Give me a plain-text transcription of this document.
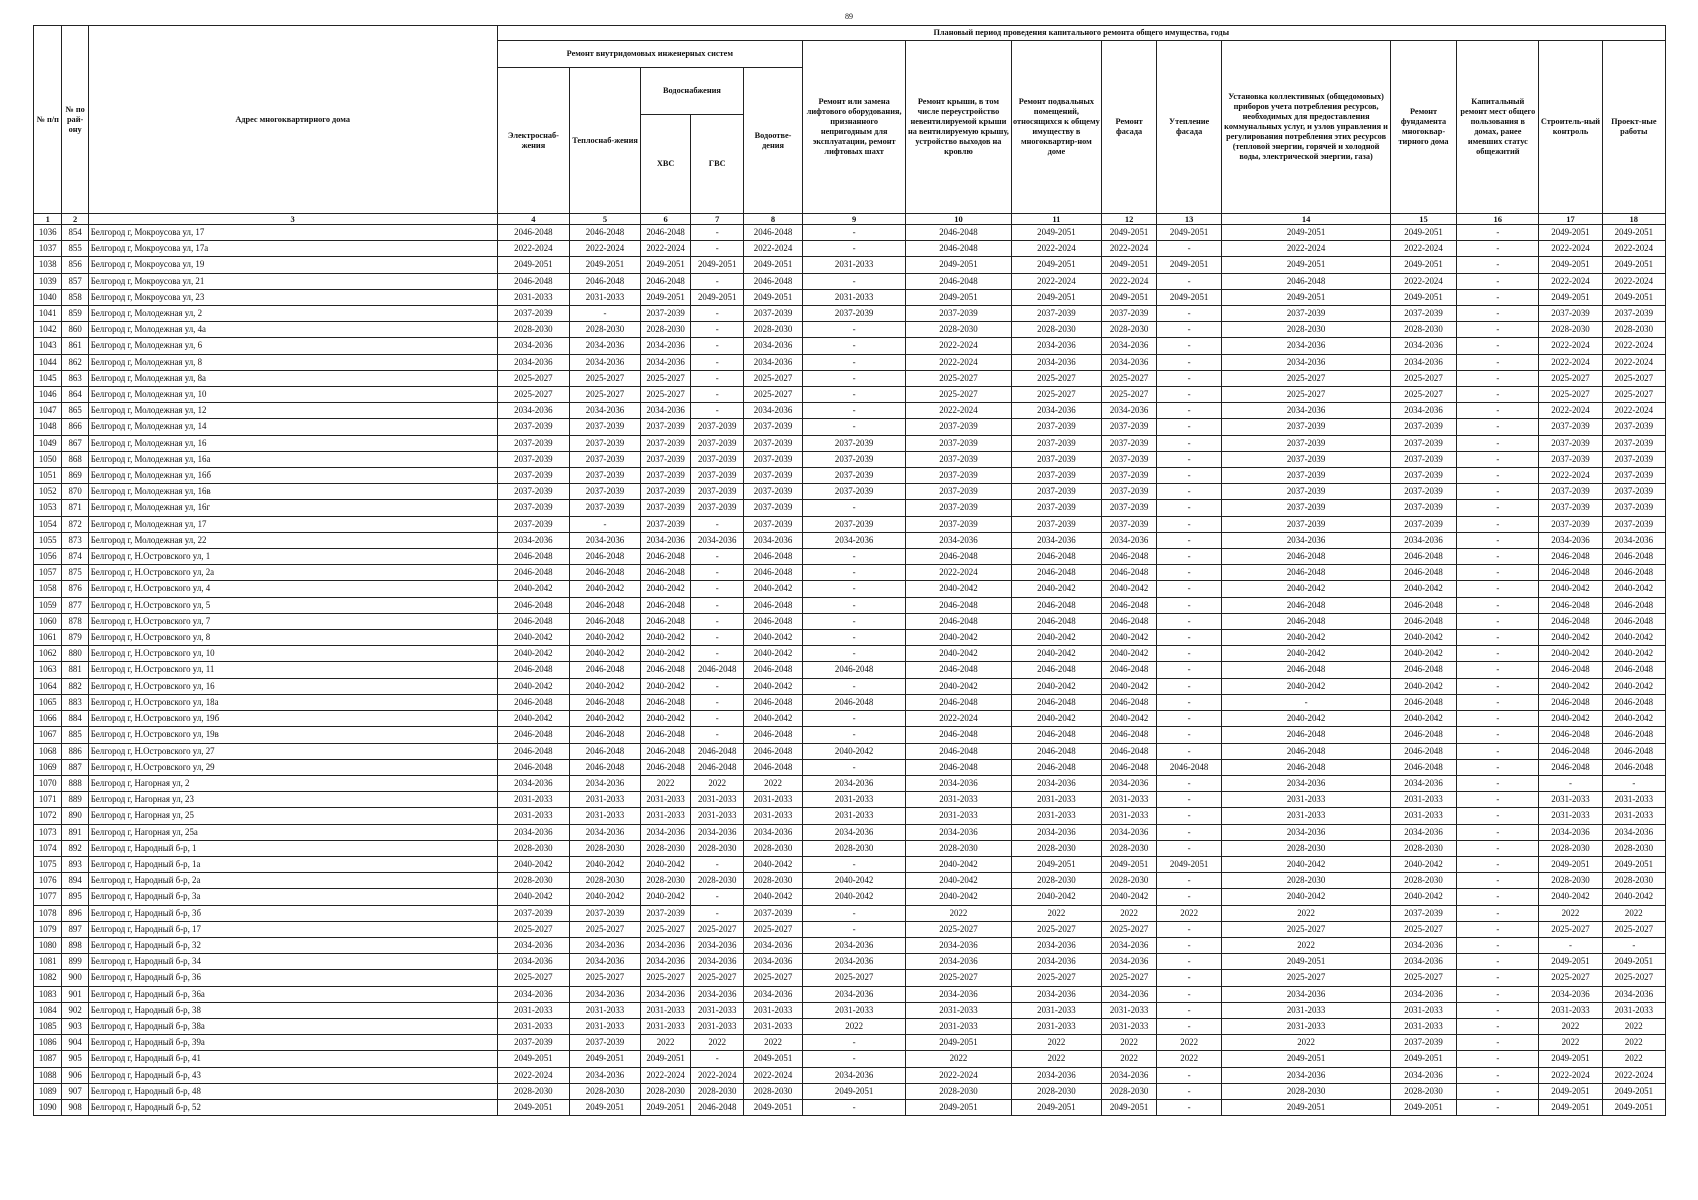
89
№ п/п	№ по рай-ону	Адрес многоквартирного дома	Плановый период проведения капитального ремонта общего имущества, годы														
			Ремонт внутридомовых инженерных систем					Ремонт или замена лифтового оборудования, признанного непригодным для эксплуатации, ремонт лифтовых шахт	Ремонт крыши, в том числе переустройство невентилируемой крыши на вентилируемую крышу, устройство выходов на кровлю	Ремонт подвальных помещений, относящихся к общему имуществу в многоквартир-ном доме	Ремонт фасада	Утепление фасада	Установка коллективных (общедомовых) приборов учета потребления ресурсов, необходимых для предоставления коммунальных услуг, и узлов управления и регулирования потребления этих ресурсов (тепловой энергии, горячей и холодной воды, электрической энергии, газа)	Ремонт фундамента многоквар-тирного дома	Капитальный ремонт мест общего пользования в домах, ранее имевших статус общежитий	Строитель-ный контроль	Проект-ные работы
			Электроснаб-жения	Теплоснаб-жения	Водоснабжения		Водоотве-дения										
					ХВС	ГВС											
1	2	3	4	5	6	7	8	9	10	11	12	13	14	15	16	17	18
1036	854	Белгород г, Мокроусова ул, 17	2046-2048	2046-2048	2046-2048	-	2046-2048	-	2046-2048	2049-2051	2049-2051	2049-2051	2049-2051	2049-2051	-	2049-2051	2049-2051
1037	855	Белгород г, Мокроусова ул, 17а	2022-2024	2022-2024	2022-2024	-	2022-2024	-	2046-2048	2022-2024	2022-2024	-	2022-2024	2022-2024	-	2022-2024	2022-2024
1038	856	Белгород г, Мокроусова ул, 19	2049-2051	2049-2051	2049-2051	2049-2051	2049-2051	2031-2033	2049-2051	2049-2051	2049-2051	2049-2051	2049-2051	2049-2051	-	2049-2051	2049-2051
1039	857	Белгород г, Мокроусова ул, 21	2046-2048	2046-2048	2046-2048	-	2046-2048	-	2046-2048	2022-2024	2022-2024	-	2046-2048	2022-2024	-	2022-2024	2022-2024
1040	858	Белгород г, Мокроусова ул, 23	2031-2033	2031-2033	2049-2051	2049-2051	2049-2051	2031-2033	2049-2051	2049-2051	2049-2051	2049-2051	2049-2051	2049-2051	-	2049-2051	2049-2051
1041	859	Белгород г, Молодежная ул, 2	2037-2039	-	2037-2039	-	2037-2039	2037-2039	2037-2039	2037-2039	2037-2039	-	2037-2039	2037-2039	-	2037-2039	2037-2039
1042	860	Белгород г, Молодежная ул, 4а	2028-2030	2028-2030	2028-2030	-	2028-2030	-	2028-2030	2028-2030	2028-2030	-	2028-2030	2028-2030	-	2028-2030	2028-2030
1043	861	Белгород г, Молодежная ул, 6	2034-2036	2034-2036	2034-2036	-	2034-2036	-	2022-2024	2034-2036	2034-2036	-	2034-2036	2034-2036	-	2022-2024	2022-2024
1044	862	Белгород г, Молодежная ул, 8	2034-2036	2034-2036	2034-2036	-	2034-2036	-	2022-2024	2034-2036	2034-2036	-	2034-2036	2034-2036	-	2022-2024	2022-2024
1045	863	Белгород г, Молодежная ул, 8а	2025-2027	2025-2027	2025-2027	-	2025-2027	-	2025-2027	2025-2027	2025-2027	-	2025-2027	2025-2027	-	2025-2027	2025-2027
1046	864	Белгород г, Молодежная ул, 10	2025-2027	2025-2027	2025-2027	-	2025-2027	-	2025-2027	2025-2027	2025-2027	-	2025-2027	2025-2027	-	2025-2027	2025-2027
1047	865	Белгород г, Молодежная ул, 12	2034-2036	2034-2036	2034-2036	-	2034-2036	-	2022-2024	2034-2036	2034-2036	-	2034-2036	2034-2036	-	2022-2024	2022-2024
1048	866	Белгород г, Молодежная ул, 14	2037-2039	2037-2039	2037-2039	2037-2039	2037-2039	-	2037-2039	2037-2039	2037-2039	-	2037-2039	2037-2039	-	2037-2039	2037-2039
1049	867	Белгород г, Молодежная ул, 16	2037-2039	2037-2039	2037-2039	2037-2039	2037-2039	2037-2039	2037-2039	2037-2039	2037-2039	-	2037-2039	2037-2039	-	2037-2039	2037-2039
1050	868	Белгород г, Молодежная ул, 16а	2037-2039	2037-2039	2037-2039	2037-2039	2037-2039	2037-2039	2037-2039	2037-2039	2037-2039	-	2037-2039	2037-2039	-	2037-2039	2037-2039
1051	869	Белгород г, Молодежная ул, 16б	2037-2039	2037-2039	2037-2039	2037-2039	2037-2039	2037-2039	2037-2039	2037-2039	2037-2039	-	2037-2039	2037-2039	-	2022-2024	2037-2039
1052	870	Белгород г, Молодежная ул, 16в	2037-2039	2037-2039	2037-2039	2037-2039	2037-2039	2037-2039	2037-2039	2037-2039	2037-2039	-	2037-2039	2037-2039	-	2037-2039	2037-2039
1053	871	Белгород г, Молодежная ул, 16г	2037-2039	2037-2039	2037-2039	2037-2039	2037-2039	-	2037-2039	2037-2039	2037-2039	-	2037-2039	2037-2039	-	2037-2039	2037-2039
1054	872	Белгород г, Молодежная ул, 17	2037-2039	-	2037-2039	-	2037-2039	2037-2039	2037-2039	2037-2039	2037-2039	-	2037-2039	2037-2039	-	2037-2039	2037-2039
1055	873	Белгород г, Молодежная ул, 22	2034-2036	2034-2036	2034-2036	2034-2036	2034-2036	2034-2036	2034-2036	2034-2036	2034-2036	-	2034-2036	2034-2036	-	2034-2036	2034-2036
1056	874	Белгород г, Н.Островского ул, 1	2046-2048	2046-2048	2046-2048	-	2046-2048	-	2046-2048	2046-2048	2046-2048	-	2046-2048	2046-2048	-	2046-2048	2046-2048
1057	875	Белгород г, Н.Островского ул, 2а	2046-2048	2046-2048	2046-2048	-	2046-2048	-	2022-2024	2046-2048	2046-2048	-	2046-2048	2046-2048	-	2046-2048	2046-2048
1058	876	Белгород г, Н.Островского ул, 4	2040-2042	2040-2042	2040-2042	-	2040-2042	-	2040-2042	2040-2042	2040-2042	-	2040-2042	2040-2042	-	2040-2042	2040-2042
1059	877	Белгород г, Н.Островского ул, 5	2046-2048	2046-2048	2046-2048	-	2046-2048	-	2046-2048	2046-2048	2046-2048	-	2046-2048	2046-2048	-	2046-2048	2046-2048
1060	878	Белгород г, Н.Островского ул, 7	2046-2048	2046-2048	2046-2048	-	2046-2048	-	2046-2048	2046-2048	2046-2048	-	2046-2048	2046-2048	-	2046-2048	2046-2048
1061	879	Белгород г, Н.Островского ул, 8	2040-2042	2040-2042	2040-2042	-	2040-2042	-	2040-2042	2040-2042	2040-2042	-	2040-2042	2040-2042	-	2040-2042	2040-2042
1062	880	Белгород г, Н.Островского ул, 10	2040-2042	2040-2042	2040-2042	-	2040-2042	-	2040-2042	2040-2042	2040-2042	-	2040-2042	2040-2042	-	2040-2042	2040-2042
1063	881	Белгород г, Н.Островского ул, 11	2046-2048	2046-2048	2046-2048	2046-2048	2046-2048	2046-2048	2046-2048	2046-2048	2046-2048	-	2046-2048	2046-2048	-	2046-2048	2046-2048
1064	882	Белгород г, Н.Островского ул, 16	2040-2042	2040-2042	2040-2042	-	2040-2042	-	2040-2042	2040-2042	2040-2042	-	2040-2042	2040-2042	-	2040-2042	2040-2042
1065	883	Белгород г, Н.Островского ул, 18а	2046-2048	2046-2048	2046-2048	-	2046-2048	2046-2048	2046-2048	2046-2048	2046-2048	-	-	2046-2048	-	2046-2048	2046-2048
1066	884	Белгород г, Н.Островского ул, 19б	2040-2042	2040-2042	2040-2042	-	2040-2042	-	2022-2024	2040-2042	2040-2042	-	2040-2042	2040-2042	-	2040-2042	2040-2042
1067	885	Белгород г, Н.Островского ул, 19в	2046-2048	2046-2048	2046-2048	-	2046-2048	-	2046-2048	2046-2048	2046-2048	-	2046-2048	2046-2048	-	2046-2048	2046-2048
1068	886	Белгород г, Н.Островского ул, 27	2046-2048	2046-2048	2046-2048	2046-2048	2046-2048	2040-2042	2046-2048	2046-2048	2046-2048	-	2046-2048	2046-2048	-	2046-2048	2046-2048
1069	887	Белгород г, Н.Островского ул, 29	2046-2048	2046-2048	2046-2048	2046-2048	2046-2048	-	2046-2048	2046-2048	2046-2048	2046-2048	2046-2048	2046-2048	-	2046-2048	2046-2048
1070	888	Белгород г, Нагорная ул, 2	2034-2036	2034-2036	2022	2022	2022	2034-2036	2034-2036	2034-2036	2034-2036	-	2034-2036	2034-2036	-	-	-
1071	889	Белгород г, Нагорная ул, 23	2031-2033	2031-2033	2031-2033	2031-2033	2031-2033	2031-2033	2031-2033	2031-2033	2031-2033	-	2031-2033	2031-2033	-	2031-2033	2031-2033
1072	890	Белгород г, Нагорная ул, 25	2031-2033	2031-2033	2031-2033	2031-2033	2031-2033	2031-2033	2031-2033	2031-2033	2031-2033	-	2031-2033	2031-2033	-	2031-2033	2031-2033
1073	891	Белгород г, Нагорная ул, 25а	2034-2036	2034-2036	2034-2036	2034-2036	2034-2036	2034-2036	2034-2036	2034-2036	2034-2036	-	2034-2036	2034-2036	-	2034-2036	2034-2036
1074	892	Белгород г, Народный б-р, 1	2028-2030	2028-2030	2028-2030	2028-2030	2028-2030	2028-2030	2028-2030	2028-2030	2028-2030	-	2028-2030	2028-2030	-	2028-2030	2028-2030
1075	893	Белгород г, Народный б-р, 1а	2040-2042	2040-2042	2040-2042	-	2040-2042	-	2040-2042	2049-2051	2049-2051	2049-2051	2040-2042	2040-2042	-	2049-2051	2049-2051
1076	894	Белгород г, Народный б-р, 2а	2028-2030	2028-2030	2028-2030	2028-2030	2028-2030	2040-2042	2040-2042	2028-2030	2028-2030	-	2028-2030	2028-2030	-	2028-2030	2028-2030
1077	895	Белгород г, Народный б-р, 3а	2040-2042	2040-2042	2040-2042	-	2040-2042	2040-2042	2040-2042	2040-2042	2040-2042	-	2040-2042	2040-2042	-	2040-2042	2040-2042
1078	896	Белгород г, Народный б-р, 3б	2037-2039	2037-2039	2037-2039	-	2037-2039	-	2022	2022	2022	2022	2022	2037-2039	-	2022	2022
1079	897	Белгород г, Народный б-р, 17	2025-2027	2025-2027	2025-2027	2025-2027	2025-2027	-	2025-2027	2025-2027	2025-2027	-	2025-2027	2025-2027	-	2025-2027	2025-2027
1080	898	Белгород г, Народный б-р, 32	2034-2036	2034-2036	2034-2036	2034-2036	2034-2036	2034-2036	2034-2036	2034-2036	2034-2036	-	2022	2034-2036	-	-	-
1081	899	Белгород г, Народный б-р, 34	2034-2036	2034-2036	2034-2036	2034-2036	2034-2036	2034-2036	2034-2036	2034-2036	2034-2036	-	2049-2051	2034-2036	-	2049-2051	2049-2051
1082	900	Белгород г, Народный б-р, 36	2025-2027	2025-2027	2025-2027	2025-2027	2025-2027	2025-2027	2025-2027	2025-2027	2025-2027	-	2025-2027	2025-2027	-	2025-2027	2025-2027
1083	901	Белгород г, Народный б-р, 36а	2034-2036	2034-2036	2034-2036	2034-2036	2034-2036	2034-2036	2034-2036	2034-2036	2034-2036	-	2034-2036	2034-2036	-	2034-2036	2034-2036
1084	902	Белгород г, Народный б-р, 38	2031-2033	2031-2033	2031-2033	2031-2033	2031-2033	2031-2033	2031-2033	2031-2033	2031-2033	-	2031-2033	2031-2033	-	2031-2033	2031-2033
1085	903	Белгород г, Народный б-р, 38а	2031-2033	2031-2033	2031-2033	2031-2033	2031-2033	2022	2031-2033	2031-2033	2031-2033	-	2031-2033	2031-2033	-	2022	2022
1086	904	Белгород г, Народный б-р, 39а	2037-2039	2037-2039	2022	2022	2022	-	2049-2051	2022	2022	2022	2022	2037-2039	-	2022	2022
1087	905	Белгород г, Народный б-р, 41	2049-2051	2049-2051	2049-2051	-	2049-2051	-	2022	2022	2022	2022	2049-2051	2049-2051	-	2049-2051	2022
1088	906	Белгород г, Народный б-р, 43	2022-2024	2034-2036	2022-2024	2022-2024	2022-2024	2034-2036	2022-2024	2034-2036	2034-2036	-	2034-2036	2034-2036	-	2022-2024	2022-2024
1089	907	Белгород г, Народный б-р, 48	2028-2030	2028-2030	2028-2030	2028-2030	2028-2030	2049-2051	2028-2030	2028-2030	2028-2030	-	2028-2030	2028-2030	-	2049-2051	2049-2051
1090	908	Белгород г, Народный б-р, 52	2049-2051	2049-2051	2049-2051	2046-2048	2049-2051	-	2049-2051	2049-2051	2049-2051	-	2049-2051	2049-2051	-	2049-2051	2049-2051
